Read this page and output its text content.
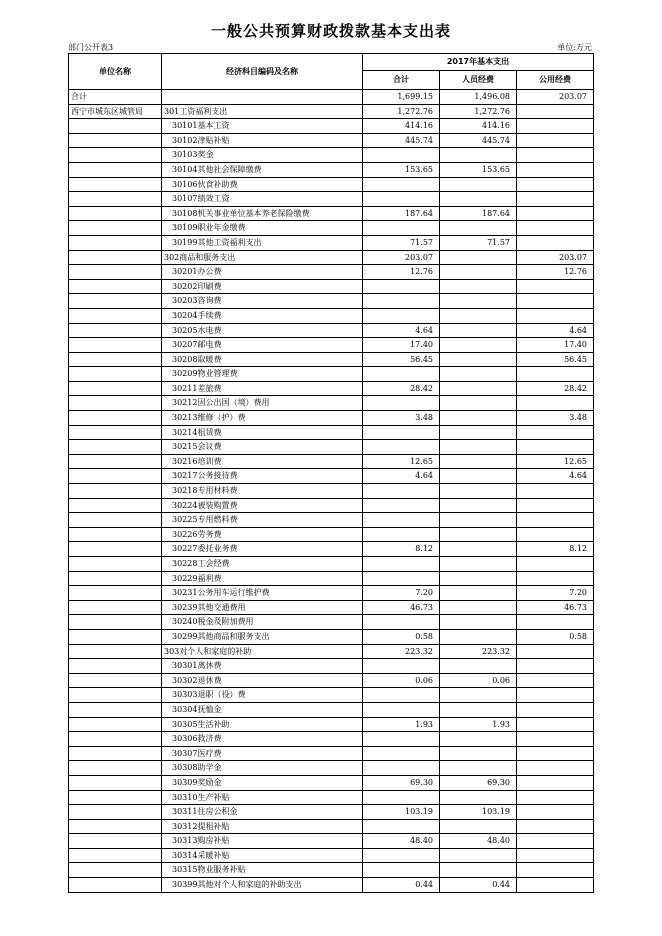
一般公共预算财政拨款基本支出表
部门公开表3	单位:万元
单位名称	经济科目编码及名称	2017年基本支出		
		合计	人员经费	公用经费
合计		1,699.15	1,496.08	203.07
西宁市城东区城管局	301工资福利支出	1,272.76	1,272.76	
	30101基本工资	414.16	414.16	
	30102津贴补贴	445.74	445.74	
	30103奖金			
	30104其他社会保障缴费	153.65	153.65	
	30106伙食补助费			
	30107绩效工资			
	30108机关事业单位基本养老保险缴费	187.64	187.64	
	30109职业年金缴费			
	30199其他工资福利支出	71.57	71.57	
	302商品和服务支出	203.07		203.07
	30201办公费	12.76		12.76
	30202印刷费			
	30203咨询费			
	30204手续费			
	30205水电费	4.64		4.64
	30207邮电费	17.40		17.40
	30208取暖费	56.45		56.45
	30209物业管理费			
	30211差旅费	28.42		28.42
	30212因公出国（境）费用			
	30213维修（护）费	3.48		3.48
	30214租赁费			
	30215会议费			
	30216培训费	12.65		12.65
	30217公务接待费	4.64		4.64
	30218专用材料费			
	30224被装购置费			
	30225专用燃料费			
	30226劳务费			
	30227委托业务费	8.12		8.12
	30228工会经费			
	30229福利费			
	30231公务用车运行维护费	7.20		7.20
	30239其他交通费用	46.73		46.73
	30240税金及附加费用			
	30299其他商品和服务支出	0.58		0.58
	303对个人和家庭的补助	223.32	223.32	
	30301离休费			
	30302退休费	0.06	0.06	
	30303退职（役）费			
	30304抚恤金			
	30305生活补助	1.93	1.93	
	30306救济费			
	30307医疗费			
	30308助学金			
	30309奖励金	69.30	69.30	
	30310生产补贴			
	30311住房公积金	103.19	103.19	
	30312提租补贴			
	30313购房补贴	48.40	48.40	
	30314采暖补贴			
	30315物业服务补贴			
	30399其他对个人和家庭的补助支出	0.44	0.44	
